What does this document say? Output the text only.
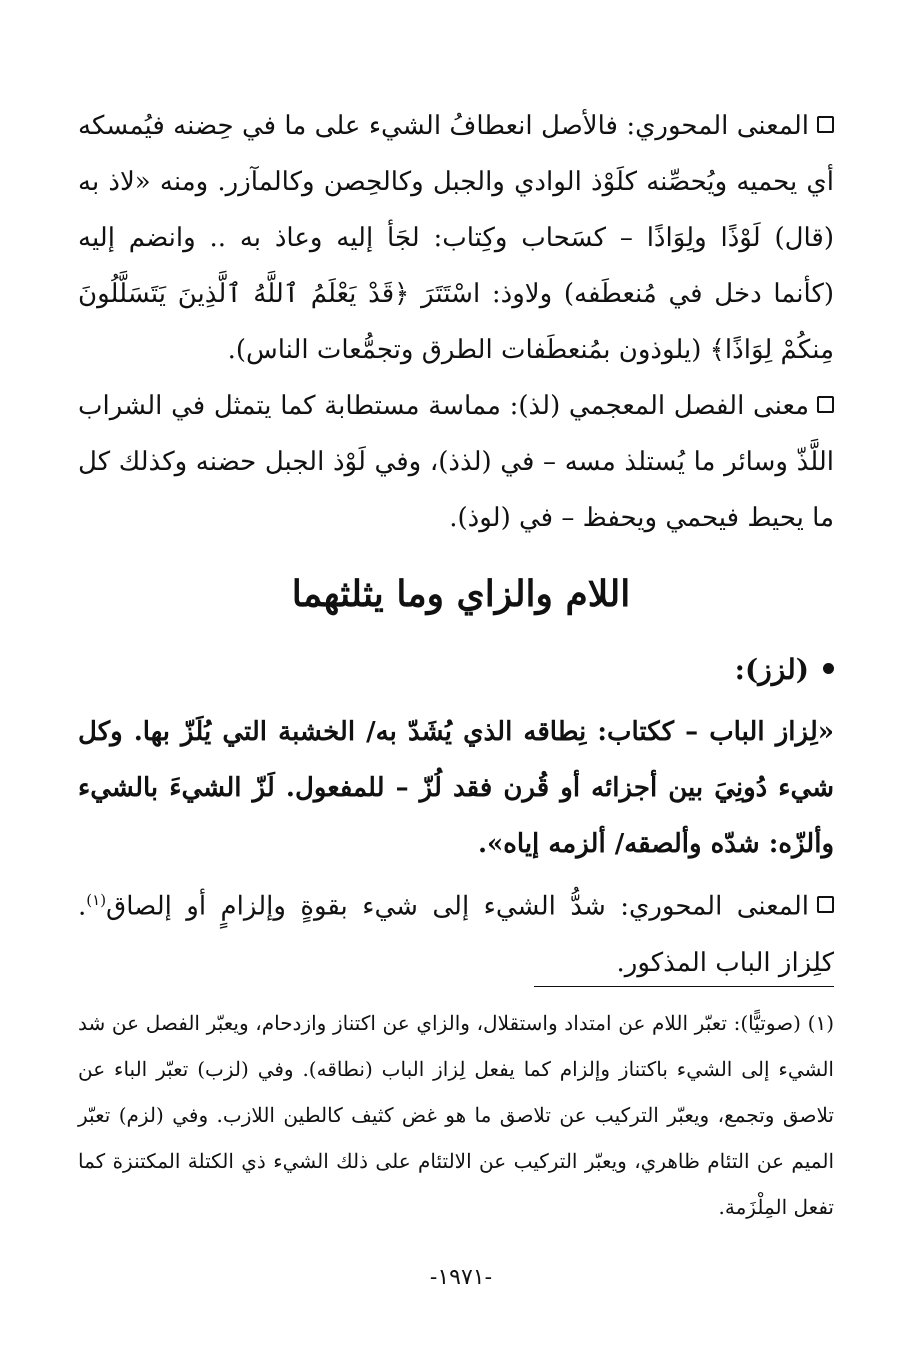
المعنى المحوري: فالأصل انعطافُ الشيء على ما في حِضنه فيُمسكه أي يحميه ويُحصِّنه كلَوْذ الوادي والجبل وكالحِصن وكالمآزر. ومنه «لاذ به (قال) لَوْذًا ولِوَاذًا – كسَحاب وكِتاب: لجَأ إليه وعاذ به .. وانضم إليه (كأنما دخل في مُنعطَفه) ولاوذ: اسْتَتَرَ ﴿قَدْ يَعْلَمُ ٱللَّهُ ٱلَّذِينَ يَتَسَلَّلُونَ مِنكُمْ لِوَاذًا﴾ (يلوذون بمُنعطَفات الطرق وتجمُّعات الناس).

معنى الفصل المعجمي (لذ): مماسة مستطابة كما يتمثل في الشراب اللَّذّ وسائر ما يُستلذ مسه – في (لذذ)، وفي لَوْذ الجبل حضنه وكذلك كل ما يحيط فيحمي ويحفظ – في (لوذ).

اللام والزاي وما يثلثهما

(لزز):

«لِزاز الباب – ككتاب: نِطاقه الذي يُشَدّ به/ الخشبة التي يُلَزّ بها. وكل شيء دُونِيَ بين أجزائه أو قُرن فقد لُزّ – للمفعول. لَزّ الشيءَ بالشيء وألزّه: شدّه وألصقه/ ألزمه إياه».

المعنى المحوري: شدُّ الشيء إلى شيء بقوةٍ وإلزامٍ أو إلصاق$^{(١)}$. كلِزاز الباب المذكور.

(١) (صوتيًّا): تعبّر اللام عن امتداد واستقلال، والزاي عن اكتناز وازدحام، ويعبّر الفصل عن شد الشيء إلى الشيء باكتناز وإلزام كما يفعل لِزاز الباب (نطاقه). وفي (لزب) تعبّر الباء عن تلاصق وتجمع، ويعبّر التركيب عن تلاصق ما هو غض كثيف كالطين اللازب. وفي (لزم) تعبّر الميم عن التئام ظاهري، ويعبّر التركيب عن الالتئام على ذلك الشيء ذي الكتلة المكتنزة كما تفعل المِلْزَمة.

-١٩٧١-
